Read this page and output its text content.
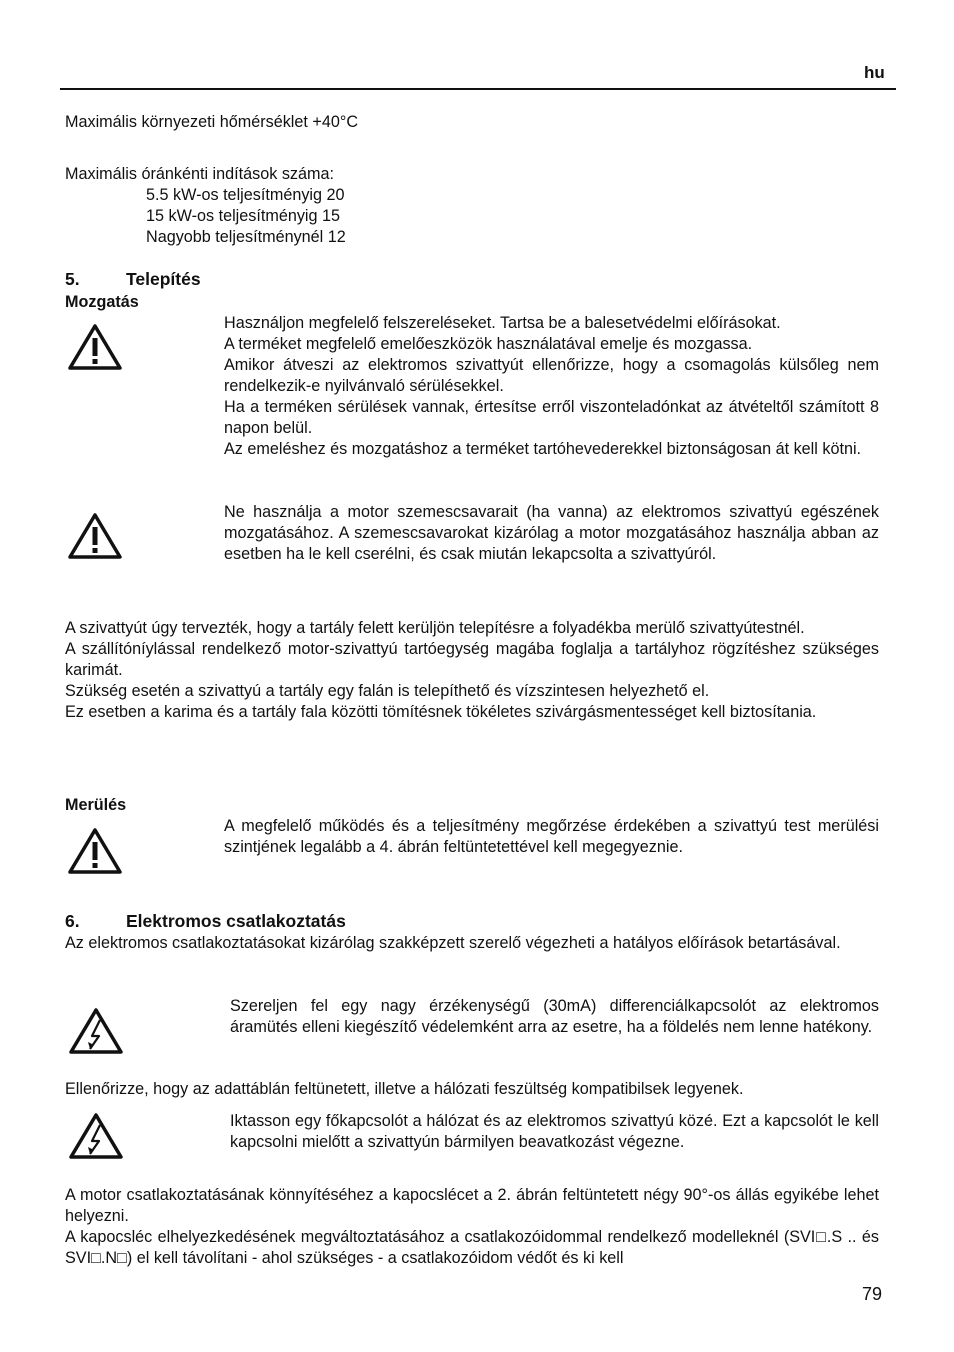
hu
Maximális környezeti hőmérséklet +40°C
Maximális óránkénti indítások száma:
5.5 kW-os teljesítményig 20
15 kW-os teljesítményig 15
Nagyobb teljesítménynél 12
5.	Telepítés
Mozgatás
Használjon megfelelő felszereléseket. Tartsa be a balesetvédelmi előírásokat.
A terméket megfelelő emelőeszközök használatával emelje és mozgassa.
Amikor átveszi az elektromos szivattyút ellenőrizze, hogy a csomagolás külsőleg nem rendelkezik-e nyilvánvaló sérülésekkel.
Ha a terméken sérülések vannak, értesítse erről viszonteladónkat az átvételtől számított 8 napon belül.
Az emeléshez és mozgatáshoz a terméket tartóhevederekkel biztonságosan át kell kötni.
Ne használja a motor szemescsavarait (ha vanna) az elektromos szivattyú egészének mozgatásához. A szemescsavarokat kizárólag a motor mozgatásához használja abban az esetben ha le kell cserélni, és csak miután lekapcsolta a szivattyúról.
A szivattyút úgy tervezték, hogy a tartály felett kerüljön telepítésre a folyadékba merülő szivattyútestnél.
A szállítóníylással rendelkező motor-szivattyú tartóegység magába foglalja a tartályhoz rögzítéshez szükséges karimát.
Szükség esetén a szivattyú a tartály egy falán is telepíthető és vízszintesen helyezhető el.
Ez esetben a karima és a tartály fala közötti tömítésnek tökéletes szivárgásmentességet kell biztosítania.
Merülés
A megfelelő működés és a teljesítmény megőrzése érdekében a szivattyú test merülési szintjének legalább a 4. ábrán feltüntetettével kell megegyeznie.
6.	Elektromos csatlakoztatás
Az elektromos csatlakoztatásokat kizárólag szakképzett szerelő végezheti a hatályos előírások betartásával.
Szereljen fel egy nagy érzékenységű (30mA) differenciálkapcsolót az elektromos áramütés elleni kiegészítő védelemként arra az esetre, ha a földelés nem lenne hatékony.
Ellenőrizze, hogy az adattáblán feltünetett, illetve a hálózati feszültség kompatibilsek legyenek.
Iktasson egy főkapcsolót a hálózat és az elektromos szivattyú közé. Ezt a kapcsolót le kell kapcsolni mielőtt a szivattyún bármilyen beavatkozást végezne.
A motor csatlakoztatásának könnyítéséhez a kapocslécet a 2. ábrán feltüntetett négy 90°-os állás egyikébe lehet helyezni.
A kapocsléc elhelyezkedésének megváltoztatásához a csatlakozóidommal rendelkező modelleknél (SVI□.S .. és SVI□.N□) el kell távolítani - ahol szükséges - a csatlakozóidom védőt és ki kell
79
